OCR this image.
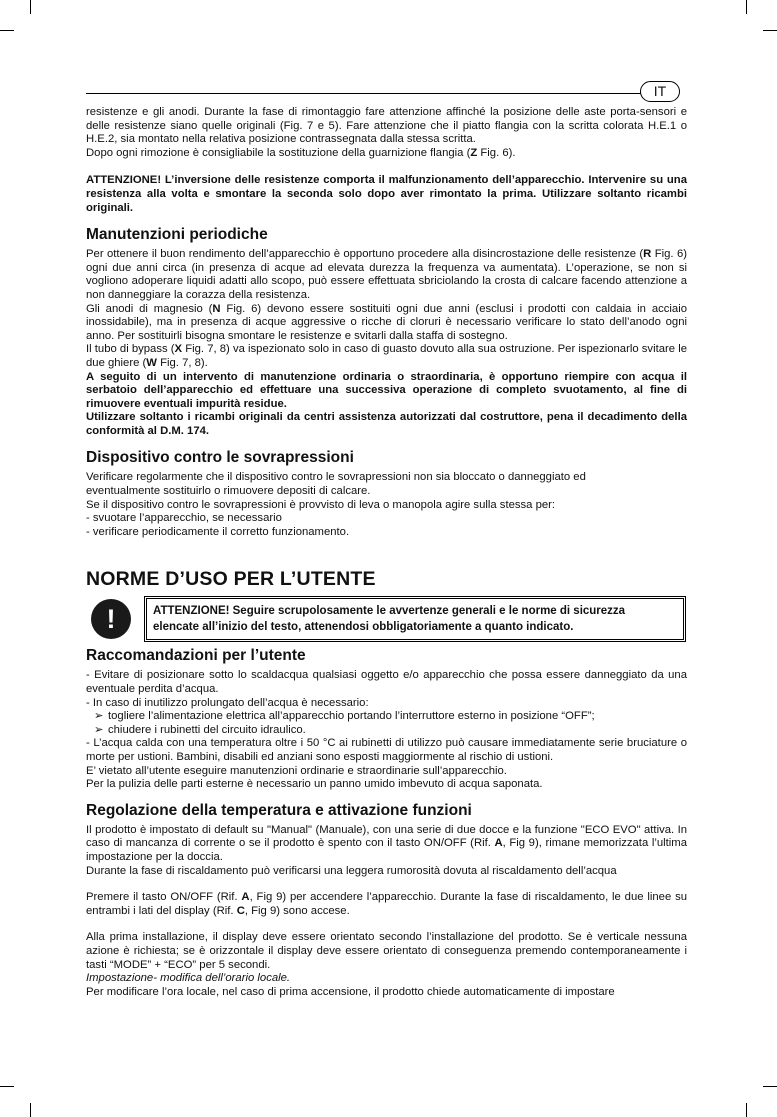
IT

resistenze e gli anodi. Durante la fase di rimontaggio fare attenzione affinché la posizione delle aste porta-sensori e delle resistenze siano quelle originali (Fig. 7 e 5). Fare attenzione che il piatto flangia con la scritta colorata H.E.1 o H.E.2, sia montato nella relativa posizione contrassegnata dalla stessa scritta.

Dopo ogni rimozione è consigliabile la sostituzione della guarnizione flangia (Z Fig. 6).

ATTENZIONE! L’inversione delle resistenze comporta il malfunzionamento dell’apparecchio. Intervenire su una resistenza alla volta e smontare la seconda solo dopo aver rimontato la prima. Utilizzare soltanto ricambi originali.

Manutenzioni periodiche

Per ottenere il buon rendimento dell’apparecchio è opportuno procedere alla disincrostazione delle resistenze (R Fig. 6) ogni due anni circa (in presenza di acque ad elevata durezza la frequenza va aumentata). L’operazione, se non si vogliono adoperare liquidi adatti allo scopo, può essere effettuata sbriciolando la crosta di calcare facendo attenzione a non danneggiare la corazza della resistenza.

Gli anodi di magnesio (N Fig. 6) devono essere sostituiti ogni due anni (esclusi i prodotti con caldaia in acciaio inossidabile), ma in presenza di acque aggressive o ricche di cloruri è necessario verificare lo stato dell’anodo ogni anno. Per sostituirli bisogna smontare le resistenze e svitarli dalla staffa di sostegno.

Il tubo di bypass (X Fig. 7, 8) va ispezionato solo in caso di guasto dovuto alla sua ostruzione. Per ispezionarlo svitare le due ghiere (W Fig. 7, 8).

A seguito di un intervento di manutenzione ordinaria o straordinaria, è opportuno riempire con acqua il serbatoio dell’apparecchio ed effettuare una successiva operazione di completo svuotamento, al fine di rimuovere eventuali impurità residue.

Utilizzare soltanto i ricambi originali da centri assistenza autorizzati dal costruttore, pena il decadimento della conformità al D.M. 174.

Dispositivo contro le sovrapressioni

Verificare regolarmente che il dispositivo contro le sovrapressioni non sia bloccato o danneggiato ed eventualmente sostituirlo o rimuovere depositi di calcare.

Se il dispositivo contro le sovrapressioni è provvisto di leva o manopola agire sulla stessa per:

- svuotare l’apparecchio, se necessario

- verificare periodicamente il corretto funzionamento.

NORME D’USO PER L’UTENTE
!	ATTENZIONE! Seguire scrupolosamente le avvertenze generali e le norme di sicurezza

elencate all’inizio del testo, attenendosi obbligatoriamente a quanto indicato.

Raccomandazioni per l’utente

- Evitare di posizionare sotto lo scaldacqua qualsiasi oggetto e/o apparecchio che possa essere danneggiato da una eventuale perdita d’acqua.

- In caso di inutilizzo prolungato dell’acqua è necessario:

➢ togliere l’alimentazione elettrica all’apparecchio portando l’interruttore esterno in posizione “OFF”;

➢ chiudere i rubinetti del circuito idraulico.

- L’acqua calda con una temperatura oltre i 50 °C ai rubinetti di utilizzo può causare immediatamente serie bruciature o morte per ustioni. Bambini, disabili ed anziani sono esposti maggiormente al rischio di ustioni.

E’ vietato all’utente eseguire manutenzioni ordinarie e straordinarie sull’apparecchio.

Per la pulizia delle parti esterne è necessario un panno umido imbevuto di acqua saponata.

Regolazione della temperatura e attivazione funzioni

Il prodotto è impostato di default su "Manual" (Manuale), con una serie di due docce e la funzione "ECO EVO" attiva. In caso di mancanza di corrente o se il prodotto è spento con il tasto ON/OFF (Rif. A, Fig 9), rimane memorizzata l’ultima impostazione per la doccia.

Durante la fase di riscaldamento può verificarsi una leggera rumorosità dovuta al riscaldamento dell’acqua

Premere il tasto ON/OFF (Rif. A, Fig 9) per accendere l’apparecchio. Durante la fase di riscaldamento, le due linee su entrambi i lati del display (Rif. C, Fig 9) sono accese.

Alla prima installazione, il display deve essere orientato secondo l’installazione del prodotto. Se è verticale nessuna azione è richiesta; se è orizzontale il display deve essere orientato di conseguenza premendo contemporaneamente i tasti “MODE” + “ECO” per 5 secondi.

Impostazione- modifica dell’orario locale.

Per modificare l’ora locale, nel caso di prima accensione, il prodotto chiede automaticamente di impostare
